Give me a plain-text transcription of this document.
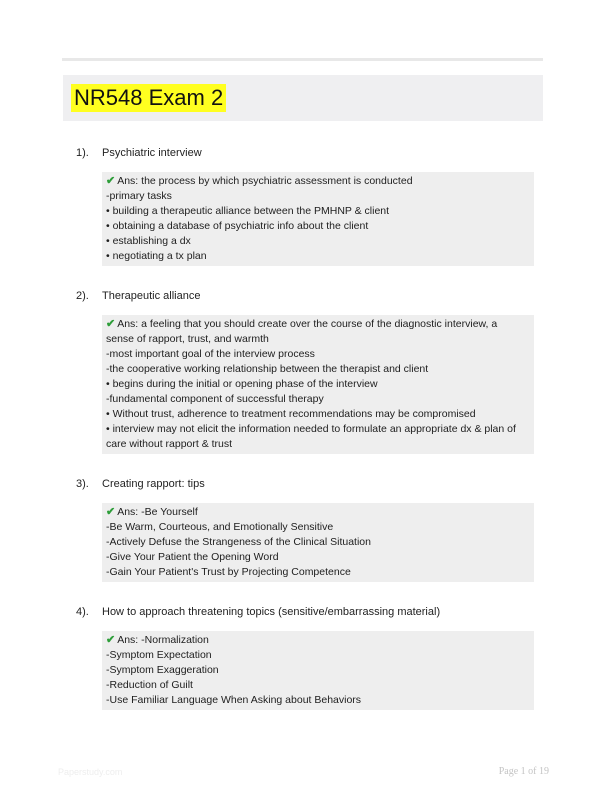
NR548 Exam 2
1). Psychiatric interview
✔ Ans: the process by which psychiatric assessment is conducted
-primary tasks
• building a therapeutic alliance between the PMHNP & client
• obtaining a database of psychiatric info about the client
• establishing a dx
• negotiating a tx plan
2). Therapeutic alliance
✔ Ans: a feeling that you should create over the course of the diagnostic interview, a
sense of rapport, trust, and warmth
-most important goal of the interview process
-the cooperative working relationship between the therapist and client
• begins during the initial or opening phase of the interview
-fundamental component of successful therapy
• Without trust, adherence to treatment recommendations may be compromised
• interview may not elicit the information needed to formulate an appropriate dx & plan of
care without rapport & trust
3). Creating rapport: tips
✔ Ans: -Be Yourself
-Be Warm, Courteous, and Emotionally Sensitive
-Actively Defuse the Strangeness of the Clinical Situation
-Give Your Patient the Opening Word
-Gain Your Patient's Trust by Projecting Competence
4). How to approach threatening topics (sensitive/embarrassing material)
✔ Ans: -Normalization
-Symptom Expectation
-Symptom Exaggeration
-Reduction of Guilt
-Use Familiar Language When Asking about Behaviors
Paperstudy.com	Page 1 of 19
